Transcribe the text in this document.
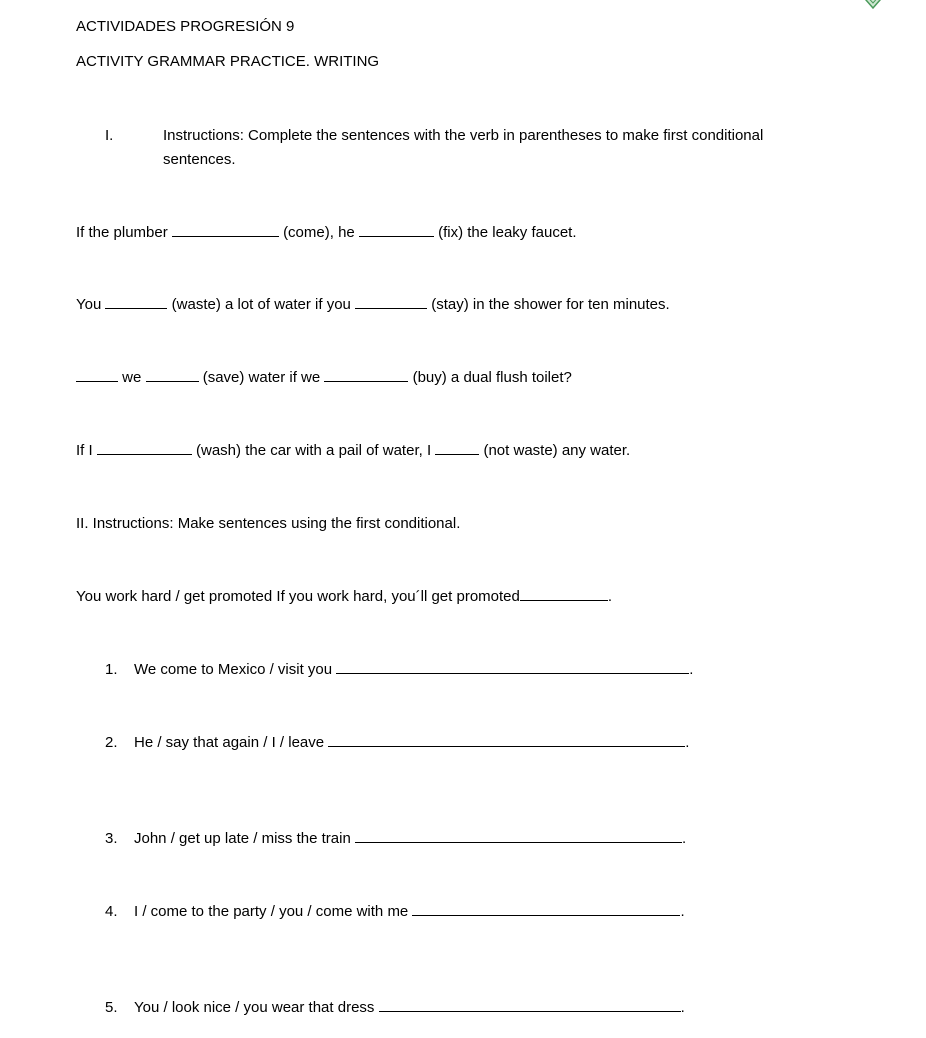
ACTIVIDADES PROGRESIÓN 9
ACTIVITY GRAMMAR PRACTICE. WRITING
I.	Instructions: Complete the sentences with the verb in parentheses to make first conditional
sentences.
If the plumber	(come), he	(fix) the leaky faucet.
You	(waste) a lot of water if you	(stay) in the shower for ten minutes.
we	(save) water if we	(buy) a dual flush toilet?
If I	(wash) the car with a pail of water, I	(not waste) any water.
II. Instructions: Make sentences using the first conditional.
You work hard / get promoted If you work hard, you´ll get promoted	.
1. We come to Mexico / visit you	.
2. He / say that again / I / leave	.
3. John / get up late / miss the train	.
4. I / come to the party / you / come with me	.
5. You / look nice / you wear that dress	.
